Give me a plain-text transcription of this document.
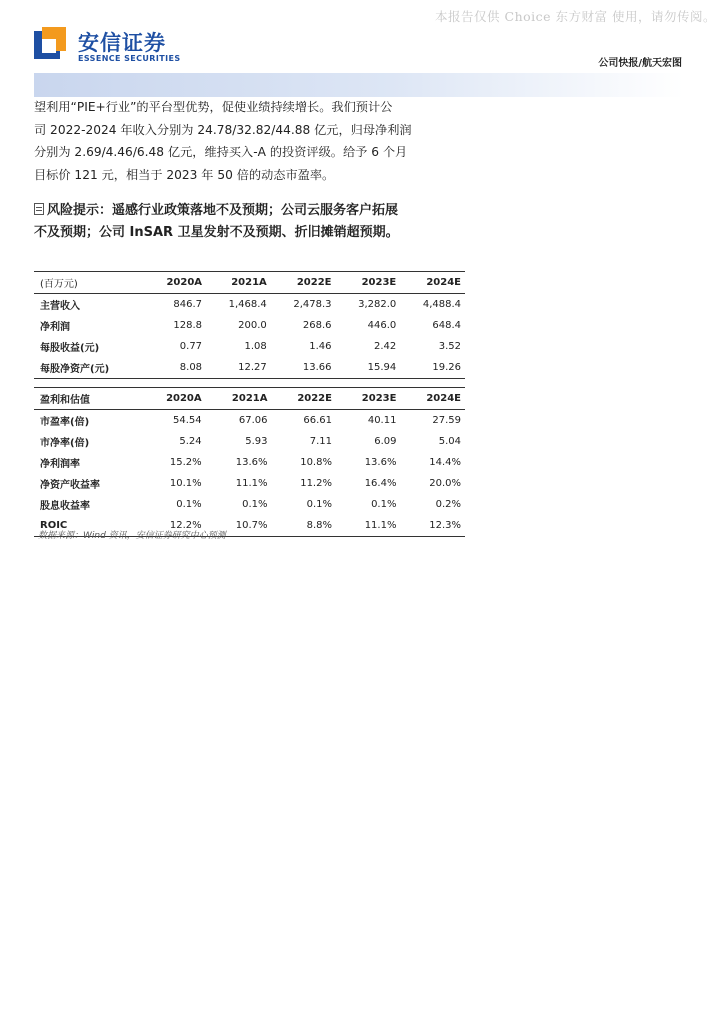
本报告仅供 Choice 东方财富 使用，请勿传阅。
安信证券
ESSENCE SECURITIES	公司快报/航天宏图

望利用“PIE+行业”的平台型优势，促使业绩持续增长。我们预计公

司 2022-2024 年收入分别为 24.78/32.82/44.88 亿元，归母净利润

分别为 2.69/4.46/6.48 亿元，维持买入-A 的投资评级。给予 6 个月

目标价 121 元，相当于 2023 年 50 倍的动态市盈率。

风险提示：遥感行业政策落地不及预期；公司云服务客户拓展
不及预期；公司 InSAR 卫星发射不及预期、折旧摊销超预期。
(百万元)	2020A	2021A	2022E	2023E	2024E
主营收入	846.7	1,468.4	2,478.3	3,282.0	4,488.4
净利润	128.8	200.0	268.6	446.0	648.4
每股收益(元)	0.77	1.08	1.46	2.42	3.52
每股净资产(元)	8.08	12.27	13.66	15.94	19.26
盈利和估值	2020A	2021A	2022E	2023E	2024E
市盈率(倍)	54.54	67.06	66.61	40.11	27.59
市净率(倍)	5.24	5.93	7.11	6.09	5.04
净利润率	15.2%	13.6%	10.8%	13.6%	14.4%
净资产收益率	10.1%	11.1%	11.2%	16.4%	20.0%
股息收益率	0.1%	0.1%	0.1%	0.1%	0.2%
ROIC	12.2%	10.7%	8.8%	11.1%	12.3%
数据来源：Wind 资讯，安信证券研究中心预测
